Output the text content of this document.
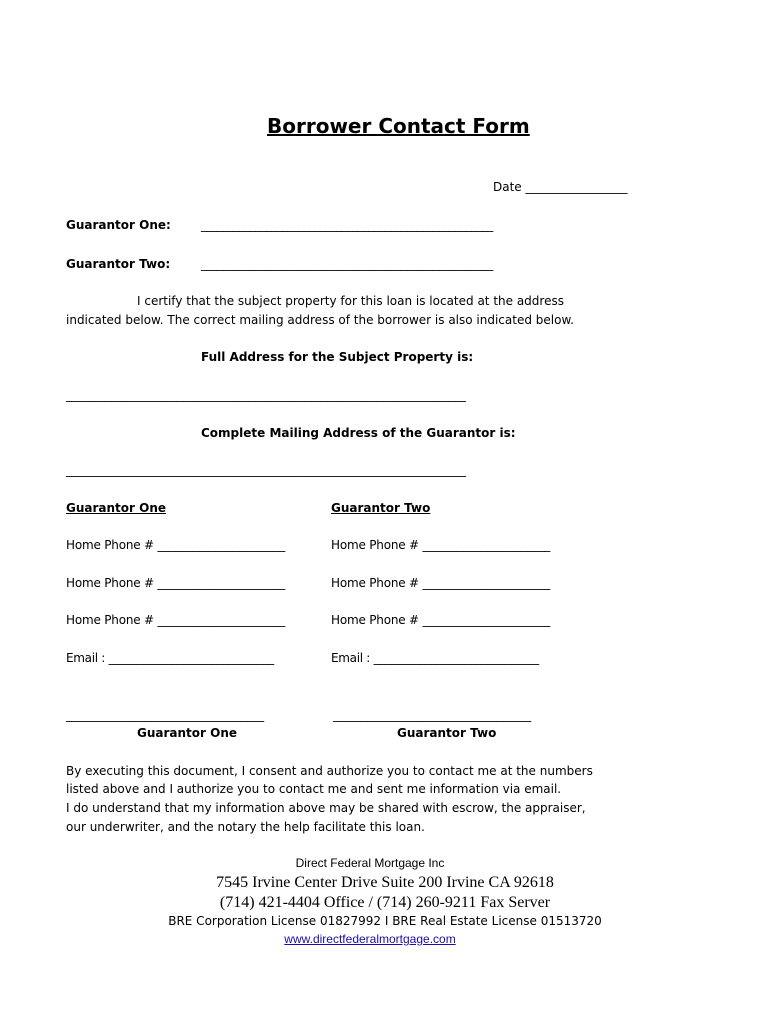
Borrower Contact Form
Date _________________
Guarantor One:	______________________________________________________
Guarantor Two:	______________________________________________________
I certify that the subject property for this loan is located at the address
indicated below. The correct mailing address of the borrower is also indicated below.
Full Address for the Subject Property is:
________________________________________________________________________
Complete Mailing Address of the Guarantor is:
________________________________________________________________________
Guarantor One	Guarantor Two
Home Phone # ______________________	Home Phone # ______________________
Home Phone # ______________________	Home Phone # ______________________
Home Phone # ______________________	Home Phone # ______________________
Email : _____________________________	Email : _____________________________
___________________________________	___________________________________
Guarantor One	Guarantor Two
By executing this document, I consent and authorize you to contact me at the numbers
listed above and I authorize you to contact me and sent me information via email.
I do understand that my information above may be shared with escrow, the appraiser,
our underwriter, and the notary the help facilitate this loan.
Direct Federal Mortgage Inc
7545 Irvine Center Drive Suite 200 Irvine CA 92618
(714) 421-4404 Office / (714) 260-9211 Fax Server
BRE Corporation License 01827992 I BRE Real Estate License 01513720
www.directfederalmortgage.com
